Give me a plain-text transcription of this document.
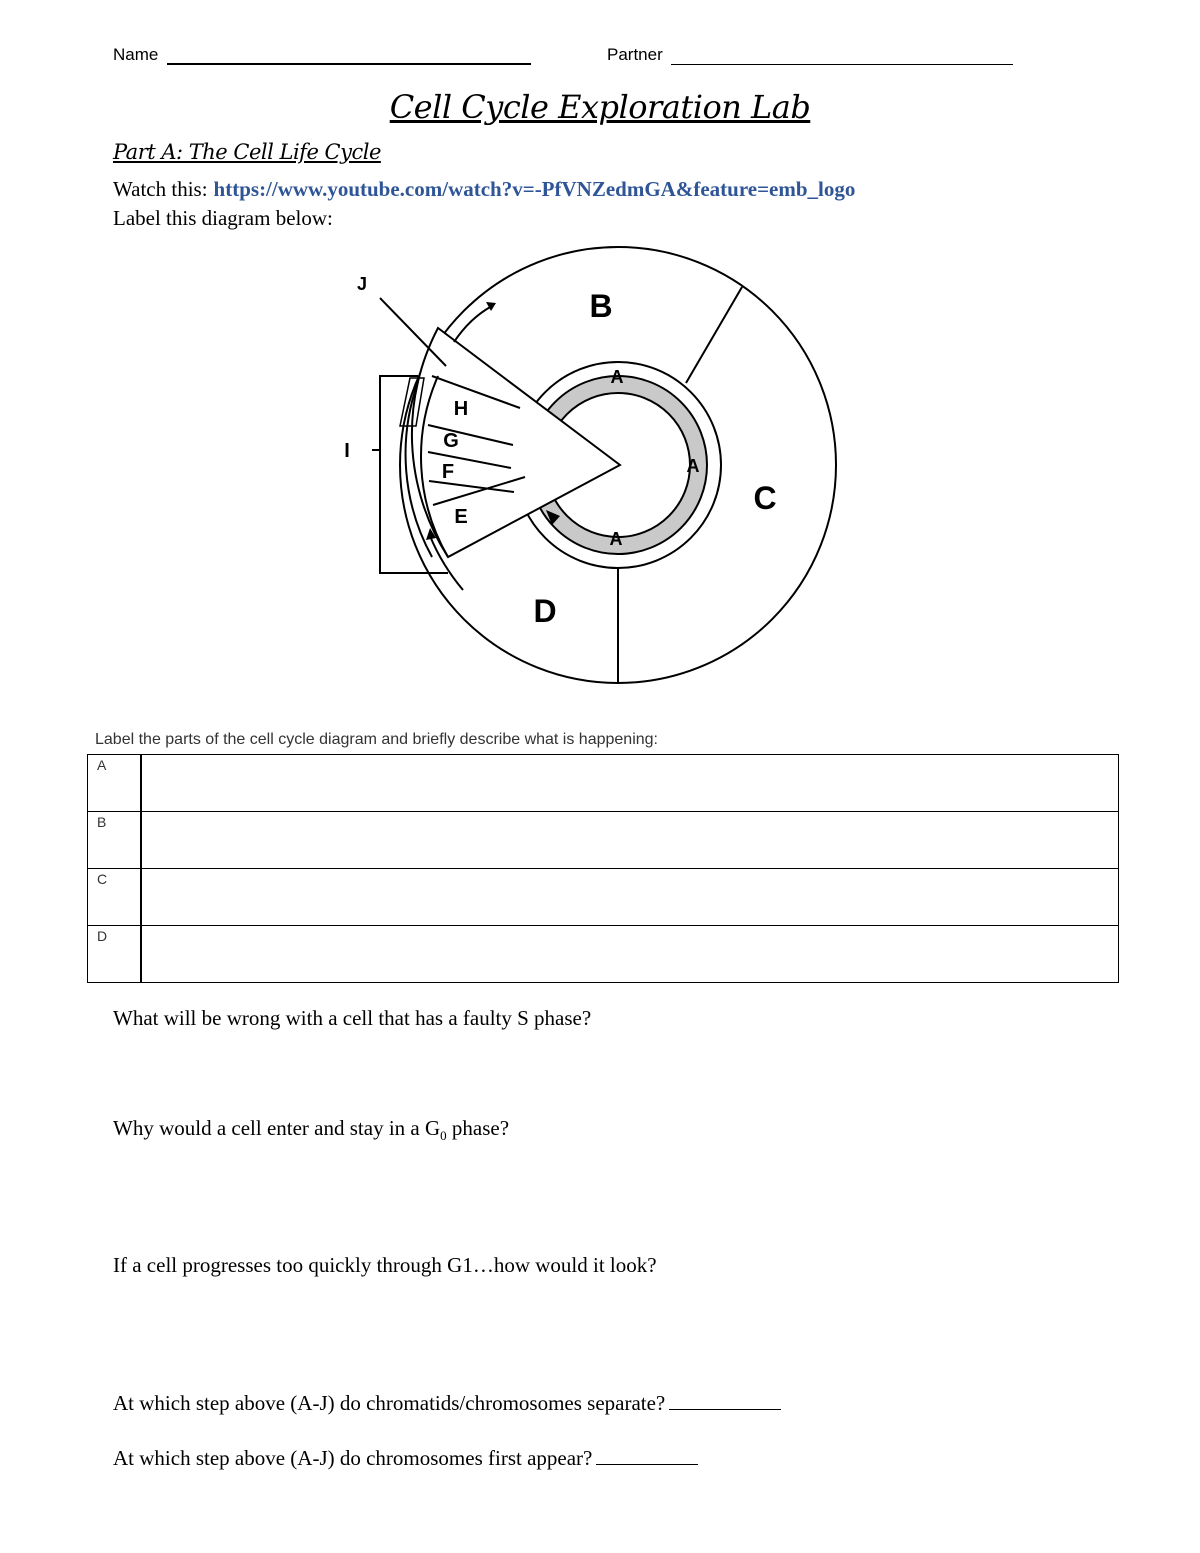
Name	Partner
Cell Cycle Exploration Lab
Part A: The Cell Life Cycle
Watch this: https://www.youtube.com/watch?v=-PfVNZedmGA&feature=emb_logo
Label this diagram below:
A
A
A
B
C
D
E
F
G
H
I
J
Label the parts of the cell cycle diagram and briefly describe what is happening:
A	
B	
C	
D	
What will be wrong with a cell that has a faulty S phase?
Why would a cell enter and stay in a $G_0$ phase?
If a cell progresses too quickly through G1…how would it look?
At which step above (A-J) do chromatids/chromosomes separate?
At which step above (A-J) do chromosomes first appear?
